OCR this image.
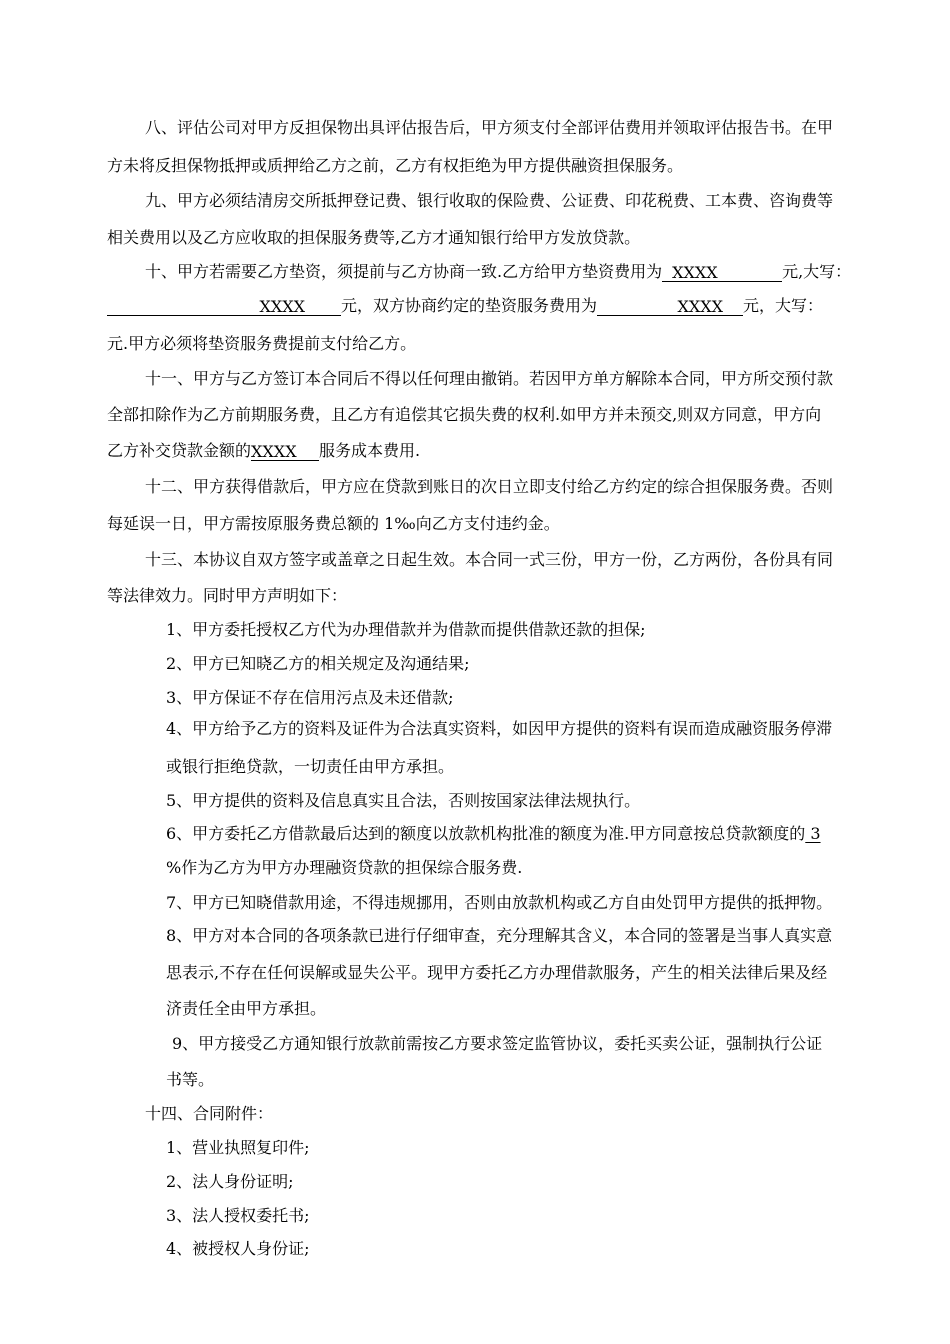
八、评估公司对甲方反担保物出具评估报告后，甲方须支付全部评估费用并领取评估报告书。在甲
方未将反担保物抵押或质押给乙方之前，乙方有权拒绝为甲方提供融资担保服务。
九、甲方必须结清房交所抵押登记费、银行收取的保险费、公证费、印花税费、工本费、咨询费等
相关费用以及乙方应收取的担保服务费等,乙方才通知银行给甲方发放贷款。
十、甲方若需要乙方垫资，须提前与乙方协商一致.乙方给甲方垫资费用为 XXXX	元,大写：
XXXX 元，双方协商约定的垫资服务费用为	XXXX 元，大写：
元.甲方必须将垫资服务费提前支付给乙方。
十一、甲方与乙方签订本合同后不得以任何理由撤销。若因甲方单方解除本合同，甲方所交预付款
全部扣除作为乙方前期服务费，且乙方有追偿其它损失费的权利.如甲方并未预交,则双方同意，甲方向
乙方补交贷款金额的XXXX 服务成本费用.
十二、甲方获得借款后，甲方应在贷款到账日的次日立即支付给乙方约定的综合担保服务费。否则
每延误一日，甲方需按原服务费总额的 1‰向乙方支付违约金。
十三、本协议自双方签字或盖章之日起生效。本合同一式三份，甲方一份，乙方两份，各份具有同
等法律效力。同时甲方声明如下：
1、甲方委托授权乙方代为办理借款并为借款而提供借款还款的担保;
2、甲方已知晓乙方的相关规定及沟通结果;
3、甲方保证不存在信用污点及未还借款;
4、甲方给予乙方的资料及证件为合法真实资料，如因甲方提供的资料有误而造成融资服务停滞
或银行拒绝贷款，一切责任由甲方承担。
5、甲方提供的资料及信息真实且合法，否则按国家法律法规执行。
6、甲方委托乙方借款最后达到的额度以放款机构批准的额度为准.甲方同意按总贷款额度的 3
%作为乙方为甲方办理融资贷款的担保综合服务费.
7、甲方已知晓借款用途，不得违规挪用，否则由放款机构或乙方自由处罚甲方提供的抵押物。
8、甲方对本合同的各项条款已进行仔细审查，充分理解其含义，本合同的签署是当事人真实意
思表示,不存在任何误解或显失公平。现甲方委托乙方办理借款服务，产生的相关法律后果及经
济责任全由甲方承担。
9、甲方接受乙方通知银行放款前需按乙方要求签定监管协议，委托买卖公证，强制执行公证
书等。
十四、合同附件：
1、营业执照复印件;
2、法人身份证明;
3、法人授权委托书;
4、被授权人身份证;
